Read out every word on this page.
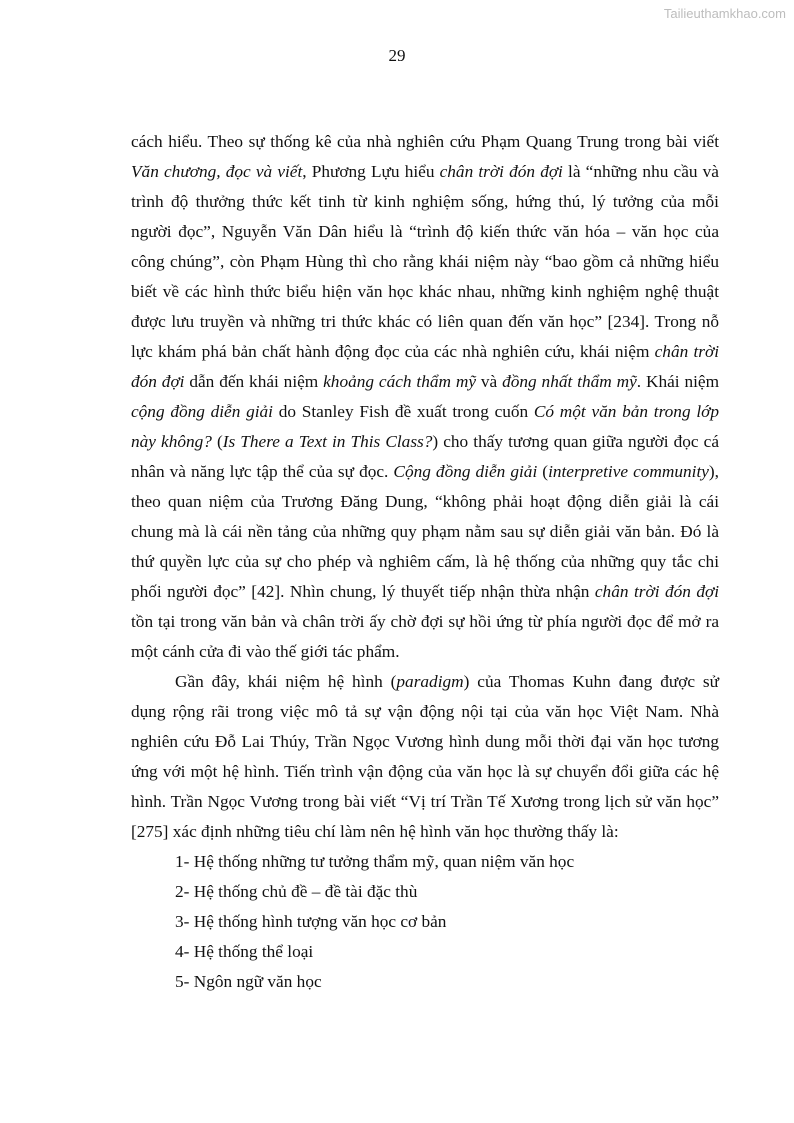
Tailieuthamkhao.com
29
cách hiểu. Theo sự thống kê của nhà nghiên cứu Phạm Quang Trung trong bài viết
Văn chương, đọc và viết, Phương Lựu hiểu chân trời đón đợi là “những nhu cầu và
trình độ thưởng thức kết tinh từ kinh nghiệm sống, hứng thú, lý tưởng của mỗi
người đọc”, Nguyễn Văn Dân hiểu là “trình độ kiến thức văn hóa – văn học của
công chúng”, còn Phạm Hùng thì cho rằng khái niệm này “bao gồm cả những hiểu
biết về các hình thức biểu hiện văn học khác nhau, những kinh nghiệm nghệ thuật
được lưu truyền và những tri thức khác có liên quan đến văn học” [234]. Trong nỗ
lực khám phá bản chất hành động đọc của các nhà nghiên cứu, khái niệm chân trời
đón đợi dẫn đến khái niệm khoảng cách thẩm mỹ và đồng nhất thẩm mỹ. Khái niệm
cộng đồng diễn giải do Stanley Fish đề xuất trong cuốn Có một văn bản trong lớp
này không? (Is There a Text in This Class?) cho thấy tương quan giữa người đọc cá
nhân và năng lực tập thể của sự đọc. Cộng đồng diễn giải (interpretive community),
theo quan niệm của Trương Đăng Dung, “không phải hoạt động diễn giải là cái
chung mà là cái nền tảng của những quy phạm nằm sau sự diễn giải văn bản. Đó là
thứ quyền lực của sự cho phép và nghiêm cấm, là hệ thống của những quy tắc chi
phối người đọc” [42]. Nhìn chung, lý thuyết tiếp nhận thừa nhận chân trời đón đợi
tồn tại trong văn bản và chân trời ấy chờ đợi sự hồi ứng từ phía người đọc để mở ra
một cánh cửa đi vào thế giới tác phẩm.
Gần đây, khái niệm hệ hình (paradigm) của Thomas Kuhn đang được sử
dụng rộng rãi trong việc mô tả sự vận động nội tại của văn học Việt Nam. Nhà
nghiên cứu Đỗ Lai Thúy, Trần Ngọc Vương hình dung mỗi thời đại văn học tương
ứng với một hệ hình. Tiến trình vận động của văn học là sự chuyển đổi giữa các hệ
hình. Trần Ngọc Vương trong bài viết “Vị trí Trần Tế Xương trong lịch sử văn học”
[275] xác định những tiêu chí làm nên hệ hình văn học thường thấy là:
1- Hệ thống những tư tưởng thẩm mỹ, quan niệm văn học
2- Hệ thống chủ đề – đề tài đặc thù
3- Hệ thống hình tượng văn học cơ bản
4- Hệ thống thể loại
5- Ngôn ngữ văn học
